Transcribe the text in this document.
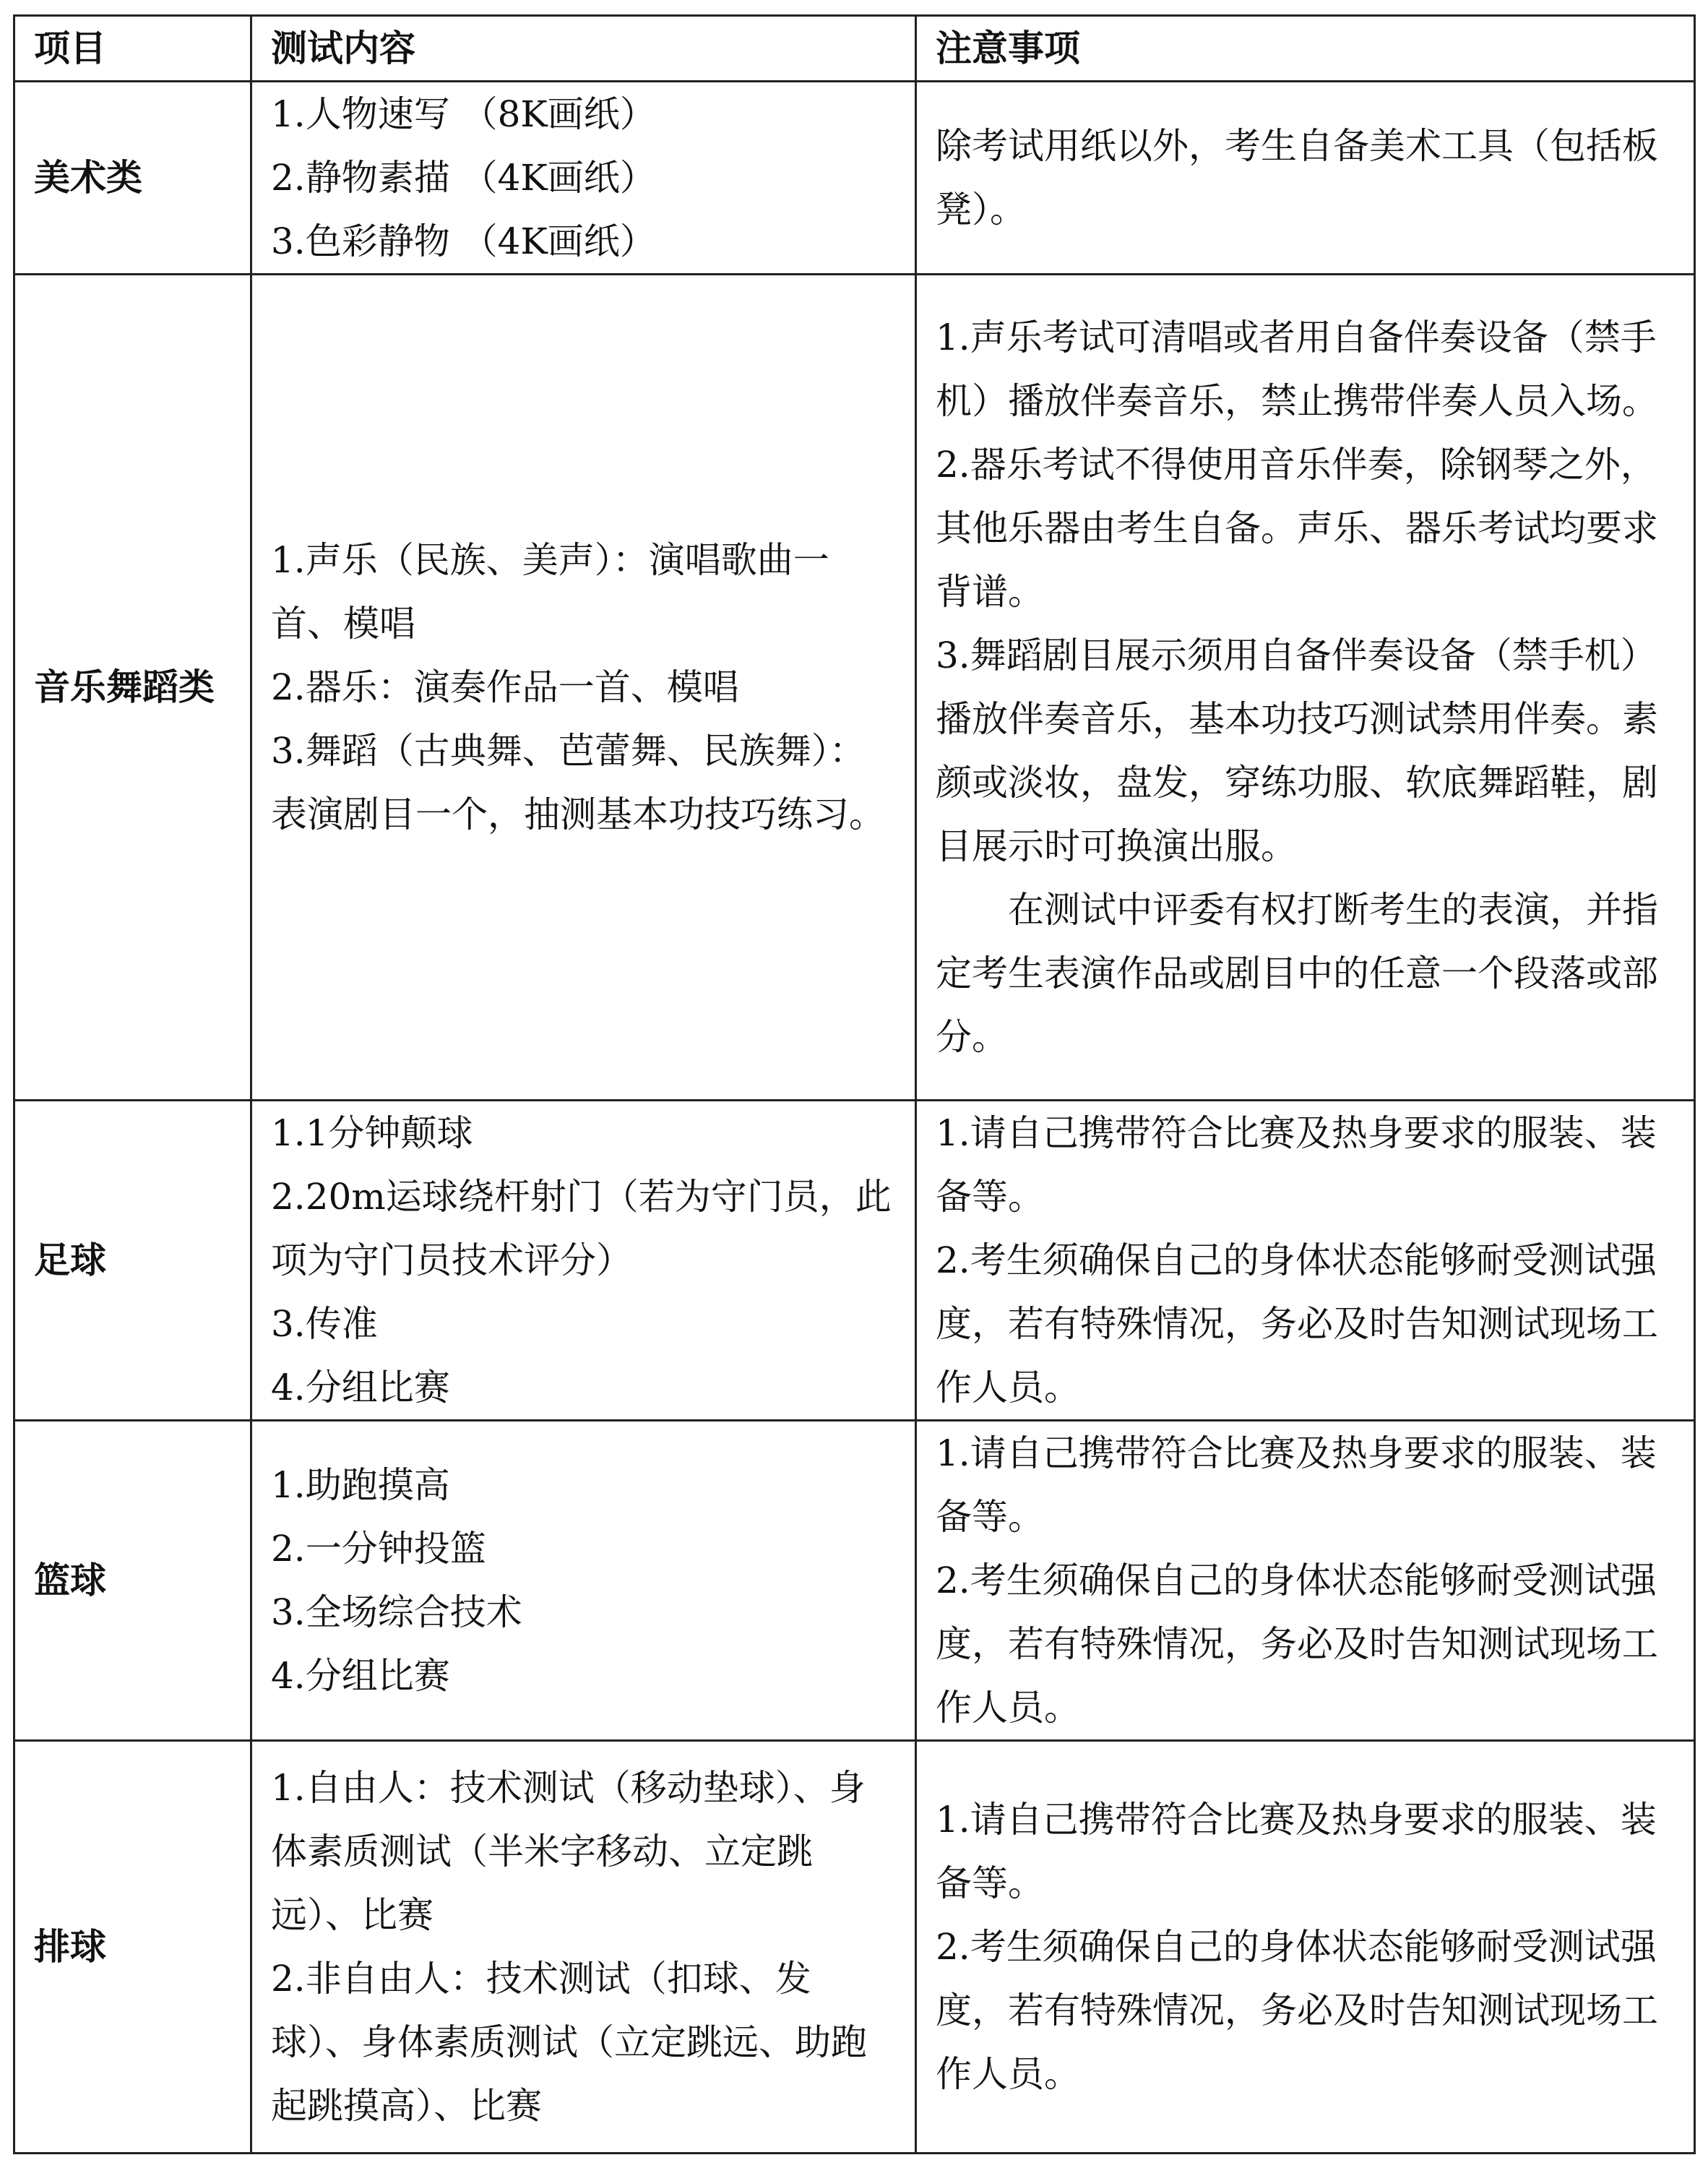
项目	测试内容	注意事项
美术类	1.人物速写 （8K画纸）
2.静物素描 （4K画纸）
3.色彩静物 （4K画纸）	除考试用纸以外，考生自备美术工具（包括板凳）。

音乐舞蹈类	1.声乐（民族、美声）：演唱歌曲一首、模唱
2.器乐：演奏作品一首、模唱
3.舞蹈（古典舞、芭蕾舞、民族舞）：表演剧目一个，抽测基本功技巧练习。	1.声乐考试可清唱或者用自备伴奏设备（禁手机）播放伴奏音乐，禁止携带伴奏人员入场。
2.器乐考试不得使用音乐伴奏，除钢琴之外，其他乐器由考生自备。声乐、器乐考试均要求背谱。
3.舞蹈剧目展示须用自备伴奏设备（禁手机）播放伴奏音乐，基本功技巧测试禁用伴奏。素颜或淡妆，盘发，穿练功服、软底舞蹈鞋，剧目展示时可换演出服。
在测试中评委有权打断考生的表演，并指定考生表演作品或剧目中的任意一个段落或部分。

足球	1.1分钟颠球
2.20m运球绕杆射门（若为守门员，此项为守门员技术评分）
3.传准
4.分组比赛	1.请自己携带符合比赛及热身要求的服装、装备等。
2.考生须确保自己的身体状态能够耐受测试强度，若有特殊情况，务必及时告知测试现场工作人员。

篮球	1.助跑摸高
2.一分钟投篮
3.全场综合技术
4.分组比赛	1.请自己携带符合比赛及热身要求的服装、装备等。
2.考生须确保自己的身体状态能够耐受测试强度，若有特殊情况，务必及时告知测试现场工作人员。

排球	1.自由人：技术测试（移动垫球）、身体素质测试（半米字移动、立定跳远）、比赛
2.非自由人：技术测试（扣球、发球）、身体素质测试（立定跳远、助跑起跳摸高）、比赛	1.请自己携带符合比赛及热身要求的服装、装备等。
2.考生须确保自己的身体状态能够耐受测试强度，若有特殊情况，务必及时告知测试现场工作人员。
